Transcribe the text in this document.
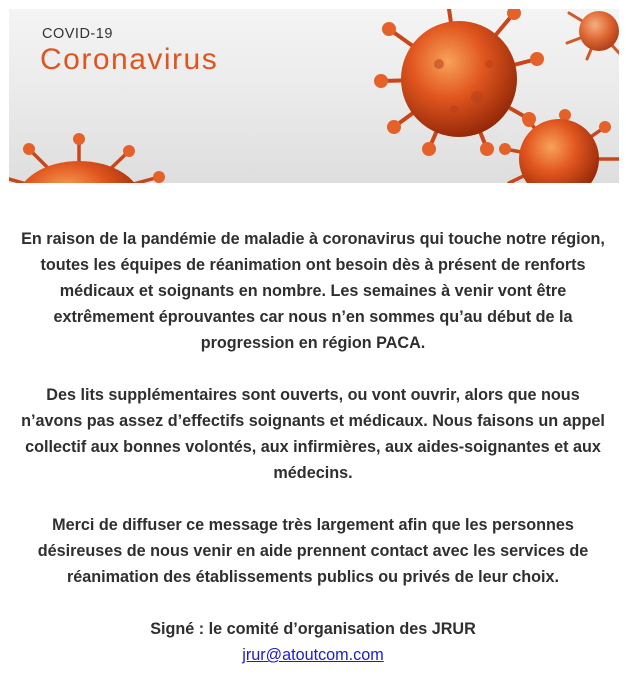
COVID-19
Coronavirus

En raison de la pandémie de maladie à coronavirus qui touche notre région, toutes les équipes de réanimation ont besoin dès à présent de renforts médicaux et soignants en nombre. Les semaines à venir vont être extrêmement éprouvantes car nous n’en sommes qu’au début de la progression en région PACA.

Des lits supplémentaires sont ouverts, ou vont ouvrir, alors que nous n’avons pas assez d’effectifs soignants et médicaux. Nous faisons un appel collectif aux bonnes volontés, aux infirmières, aux aides-soignantes et aux médecins.

Merci de diffuser ce message très largement afin que les personnes désireuses de nous venir en aide prennent contact avec les services de réanimation des établissements publics ou privés de leur choix.

Signé : le comité d’organisation des JRUR

jrur@atoutcom.com
